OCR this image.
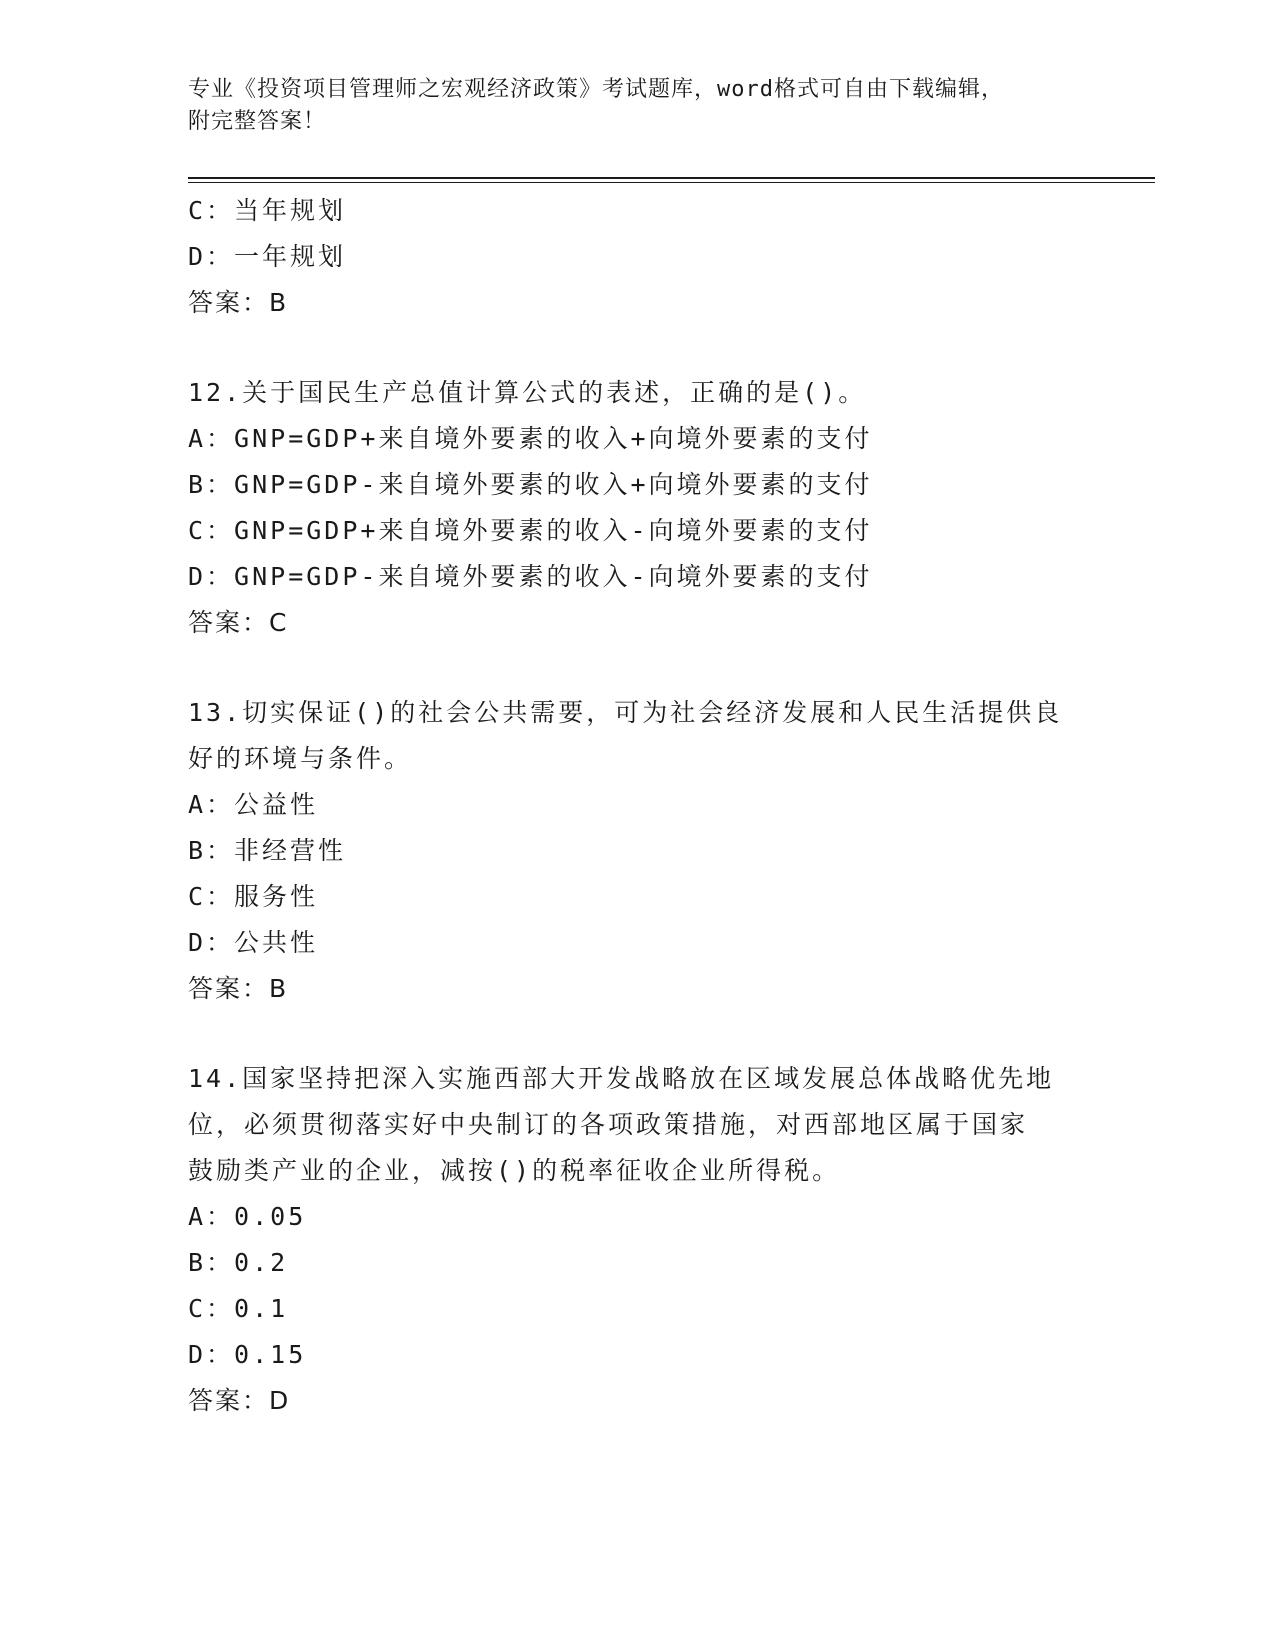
专业《投资项目管理师之宏观经济政策》考试题库，word格式可自由下载编辑，
附完整答案！
C：当年规划
D：一年规划
答案：B
12.关于国民生产总值计算公式的表述，正确的是()。
A：GNP=GDP+来自境外要素的收入+向境外要素的支付
B：GNP=GDP-来自境外要素的收入+向境外要素的支付
C：GNP=GDP+来自境外要素的收入-向境外要素的支付
D：GNP=GDP-来自境外要素的收入-向境外要素的支付
答案：C
13.切实保证()的社会公共需要，可为社会经济发展和人民生活提供良
好的环境与条件。
A：公益性
B：非经营性
C：服务性
D：公共性
答案：B
14.国家坚持把深入实施西部大开发战略放在区域发展总体战略优先地
位，必须贯彻落实好中央制订的各项政策措施，对西部地区属于国家
鼓励类产业的企业，减按()的税率征收企业所得税。
A：0.05
B：0.2
C：0.1
D：0.15
答案：D
